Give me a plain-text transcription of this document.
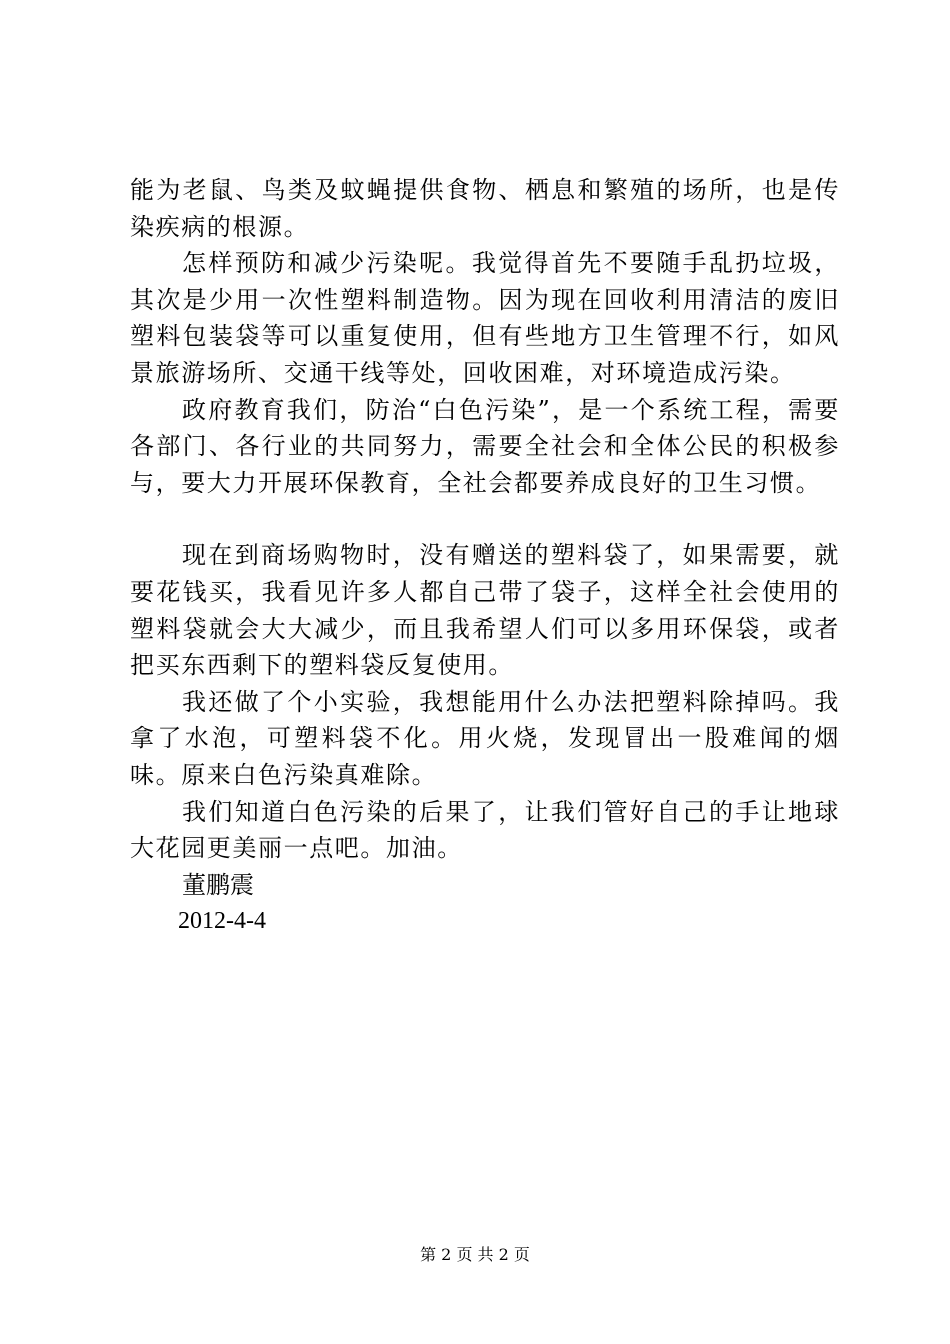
能为老鼠、鸟类及蚊蝇提供食物、栖息和繁殖的场所，也是传染疾病的根源。

怎样预防和减少污染呢。我觉得首先不要随手乱扔垃圾，其次是少用一次性塑料制造物。因为现在回收利用清洁的废旧塑料包装袋等可以重复使用，但有些地方卫生管理不行，如风景旅游场所、交通干线等处，回收困难，对环境造成污染。

政府教育我们，防治“白色污染”，是一个系统工程，需要各部门、各行业的共同努力，需要全社会和全体公民的积极参与，要大力开展环保教育，全社会都要养成良好的卫生习惯。

现在到商场购物时，没有赠送的塑料袋了，如果需要，就要花钱买，我看见许多人都自己带了袋子，这样全社会使用的塑料袋就会大大减少，而且我希望人们可以多用环保袋，或者把买东西剩下的塑料袋反复使用。

我还做了个小实验，我想能用什么办法把塑料除掉吗。我拿了水泡，可塑料袋不化。用火烧，发现冒出一股难闻的烟味。原来白色污染真难除。

我们知道白色污染的后果了，让我们管好自己的手让地球大花园更美丽一点吧。加油。

董鹏震

2012-4-4

第 2 页 共 2 页
